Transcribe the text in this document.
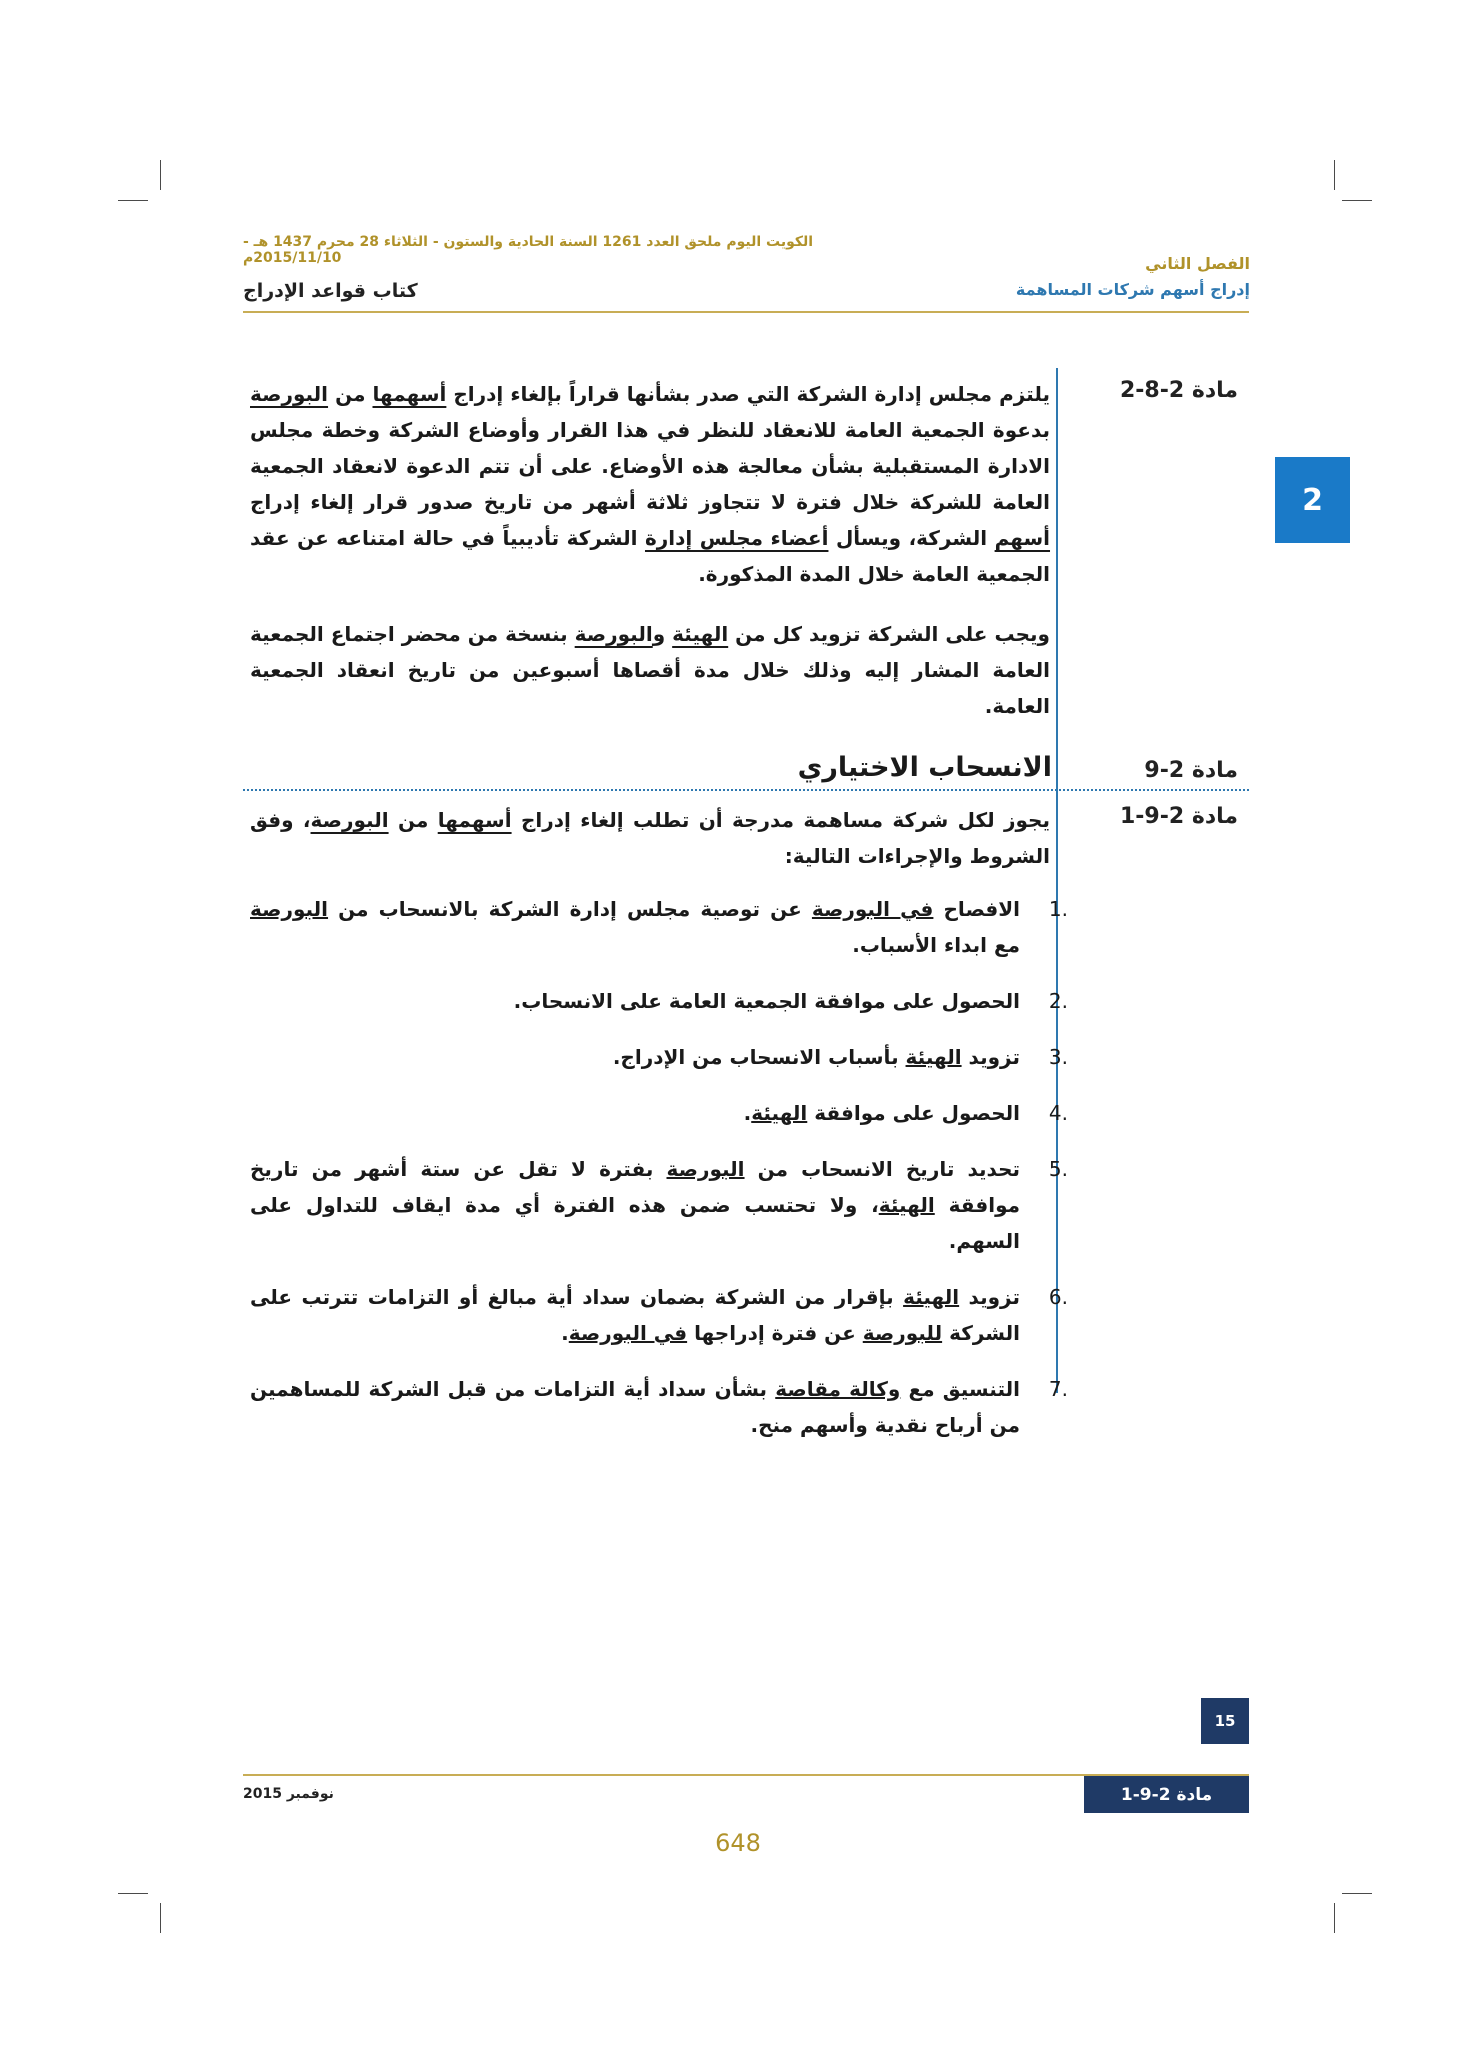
الكويت اليوم ملحق العدد 1261 السنة الحادية والستون - الثلاثاء 28 محرم 1437 هـ - 2015/11/10م	الفصل الثاني
إدراج أسهم شركات المساهمة
كتاب قواعد الإدراج
2
مادة 2-8-2
يلتزم مجلس إدارة الشركة التي صدر بشأنها قراراً بإلغاء إدراج أسهمها من البورصة بدعوة الجمعية العامة للانعقاد للنظر في هذا القرار وأوضاع الشركة وخطة مجلس الادارة المستقبلية بشأن معالجة هذه الأوضاع. على أن تتم الدعوة لانعقاد الجمعية العامة للشركة خلال فترة لا تتجاوز ثلاثة أشهر من تاريخ صدور قرار إلغاء إدراج أسهم الشركة، ويسأل أعضاء مجلس إدارة الشركة تأديبياً في حالة امتناعه عن عقد الجمعية العامة خلال المدة المذكورة.
ويجب على الشركة تزويد كل من الهيئة والبورصة بنسخة من محضر اجتماع الجمعية العامة المشار إليه وذلك خلال مدة أقصاها أسبوعين من تاريخ انعقاد الجمعية العامة.
مادة 2-9
الانسحاب الاختياري
مادة 2-9-1
يجوز لكل شركة مساهمة مدرجة أن تطلب إلغاء إدراج أسهمها من البورصة، وفق الشروط والإجراءات التالية:
1.
الافصاح في البورصة عن توصية مجلس إدارة الشركة بالانسحاب من البورصة مع ابداء الأسباب.
2.
الحصول على موافقة الجمعية العامة على الانسحاب.
3.
تزويد الهيئة بأسباب الانسحاب من الإدراج.
4.
الحصول على موافقة الهيئة.
5.
تحديد تاريخ الانسحاب من البورصة بفترة لا تقل عن ستة أشهر من تاريخ موافقة الهيئة، ولا تحتسب ضمن هذه الفترة أي مدة ايقاف للتداول على السهم.
6.
تزويد الهيئة بإقرار من الشركة بضمان سداد أية مبالغ أو التزامات تترتب على الشركة للبورصة عن فترة إدراجها في البورصة.
7.
التنسيق مع وكالة مقاصة بشأن سداد أية التزامات من قبل الشركة للمساهمين من أرباح نقدية وأسهم منح.
15
مادة 2-9-1
نوفمبر 2015
648
